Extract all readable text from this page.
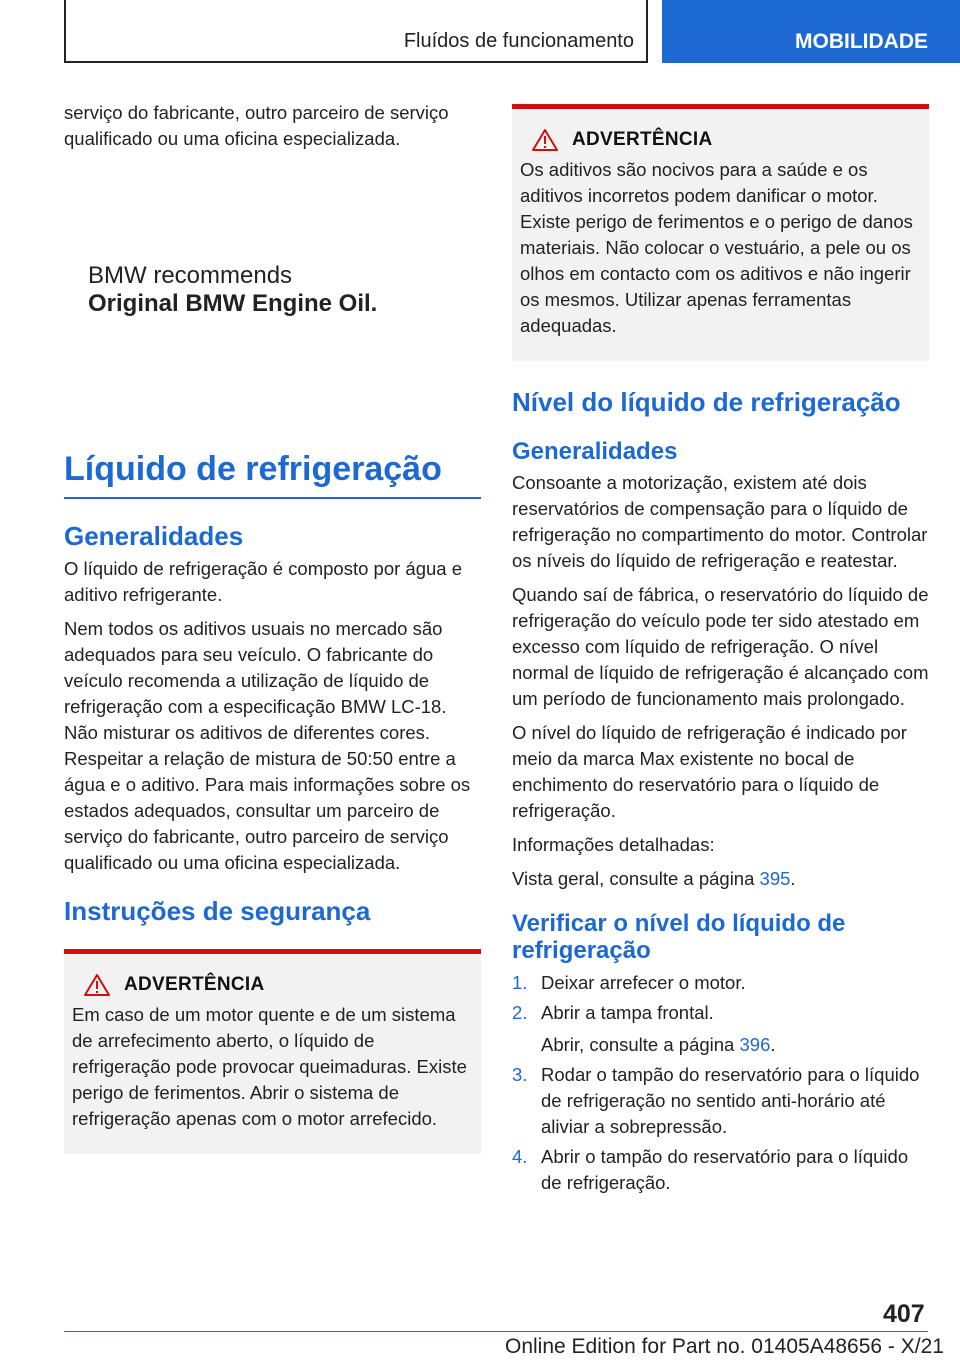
Fluídos de funcionamento	MOBILIDADE

serviço do fabricante, outro parceiro de serviço qualificado ou uma oficina especializada.

BMW recommends
Original BMW Engine Oil.
Líquido de refrigeração
Generalidades

O líquido de refrigeração é composto por água e aditivo refrigerante.

Nem todos os aditivos usuais no mercado são adequados para seu veículo. O fabricante do veículo recomenda a utilização de líquido de refrigeração com a especificação BMW LC-18. Não misturar os aditivos de diferentes cores. Respeitar a relação de mistura de 50:50 entre a água e o aditivo. Para mais informações sobre os estados adequados, consultar um parceiro de serviço do fabricante, outro parceiro de serviço qualificado ou uma oficina especializada.

Instruções de segurança
ADVERTÊNCIA

Em caso de um motor quente e de um sistema de arrefecimento aberto, o líquido de refrigeração pode provocar queimaduras. Existe perigo de ferimentos. Abrir o sistema de refrigeração apenas com o motor arrefecido.

ADVERTÊNCIA

Os aditivos são nocivos para a saúde e os aditivos incorretos podem danificar o motor. Existe perigo de ferimentos e o perigo de danos materiais. Não colocar o vestuário, a pele ou os olhos em contacto com os aditivos e não ingerir os mesmos. Utilizar apenas ferramentas adequadas.

Nível do líquido de refrigeração
Generalidades

Consoante a motorização, existem até dois reservatórios de compensação para o líquido de refrigeração no compartimento do motor. Controlar os níveis do líquido de refrigeração e reatestar.

Quando saí de fábrica, o reservatório do líquido de refrigeração do veículo pode ter sido atestado em excesso com líquido de refrigeração. O nível normal de líquido de refrigeração é alcançado com um período de funcionamento mais prolongado.

O nível do líquido de refrigeração é indicado por meio da marca Max existente no bocal de enchimento do reservatório para o líquido de refrigeração.

Informações detalhadas:

Vista geral, consulte a página 395.

Verificar o nível do líquido de refrigeração
1. Deixar arrefecer o motor.
2. Abrir a tampa frontal.
Abrir, consulte a página 396.
3. Rodar o tampão do reservatório para o líquido de refrigeração no sentido anti-horário até aliviar a sobrepressão.
4. Abrir o tampão do reservatório para o líquido de refrigeração.
407
Online Edition for Part no. 01405A48656 - X/21
